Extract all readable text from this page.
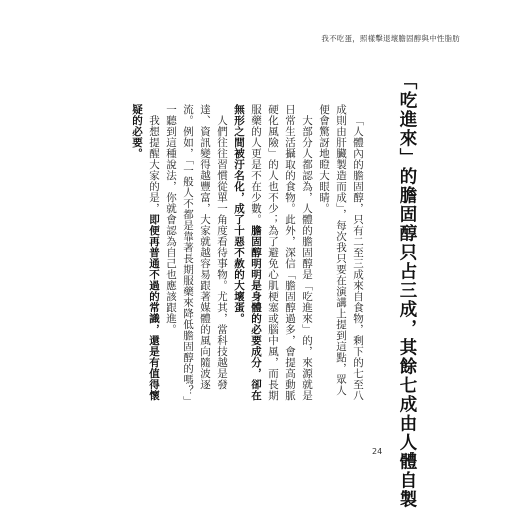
我不吃蛋，照樣擊退壞膽固醇與中性脂肪
「吃進來」的膽固醇只占三成，其餘七成由人體自製

「人體內的膽固醇，只有二至三成來自食物，剩下的七至八成則由肝臟製造而成」，每次我只要在演講上提到這點，眾人便會驚訝地瞪大眼睛。

大部分人都認為，人體的膽固醇是「吃進來」的，來源就是日常生活攝取的食物。此外，深信「膽固醇過多，會提高動脈硬化風險」的人也不少；為了避免心肌梗塞或腦中風，而長期服藥的人更是不在少數。膽固醇明明是身體的必要成分，卻在無形之間被汙名化，成了十惡不赦的大壞蛋。

人們往往習慣從單一角度看待事物。尤其，當科技越是發達、資訊變得越豐富，大家就越容易跟著媒體的風向隨波逐流。例如，「一般人不都是靠著長期服藥來降低膽固醇的嗎？」一聽到這種說法，你就會認為自己也應該跟進。

我想提醒大家的是，即便再普通不過的常識，還是有值得懷疑的必要。

24
